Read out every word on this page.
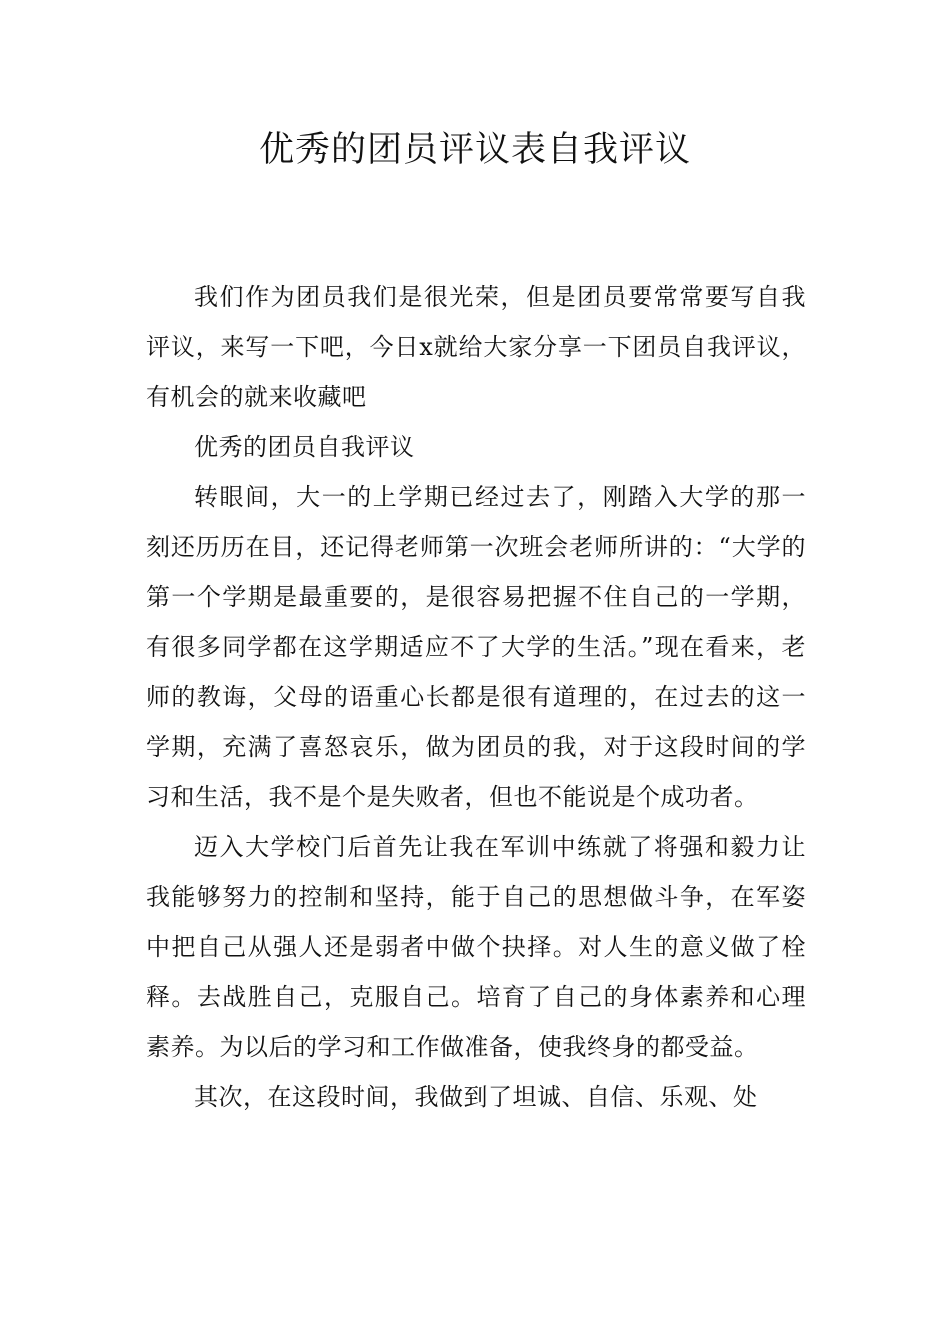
优秀的团员评议表自我评议

我们作为团员我们是很光荣，但是团员要常常要写自我评议，来写一下吧，今日x就给大家分享一下团员自我评议，有机会的就来收藏吧

优秀的团员自我评议

转眼间，大一的上学期已经过去了，刚踏入大学的那一刻还历历在目，还记得老师第一次班会老师所讲的：“大学的第一个学期是最重要的，是很容易把握不住自己的一学期，有很多同学都在这学期适应不了大学的生活。”现在看来，老师的教诲，父母的语重心长都是很有道理的，在过去的这一学期，充满了喜怒哀乐，做为团员的我，对于这段时间的学习和生活，我不是个是失败者，但也不能说是个成功者。

迈入大学校门后首先让我在军训中练就了将强和毅力让我能够努力的控制和坚持，能于自己的思想做斗争，在军姿中把自己从强人还是弱者中做个抉择。对人生的意义做了栓释。去战胜自己，克服自己。培育了自己的身体素养和心理素养。为以后的学习和工作做准备，使我终身的都受益。

其次，在这段时间，我做到了坦诚、自信、乐观、处
